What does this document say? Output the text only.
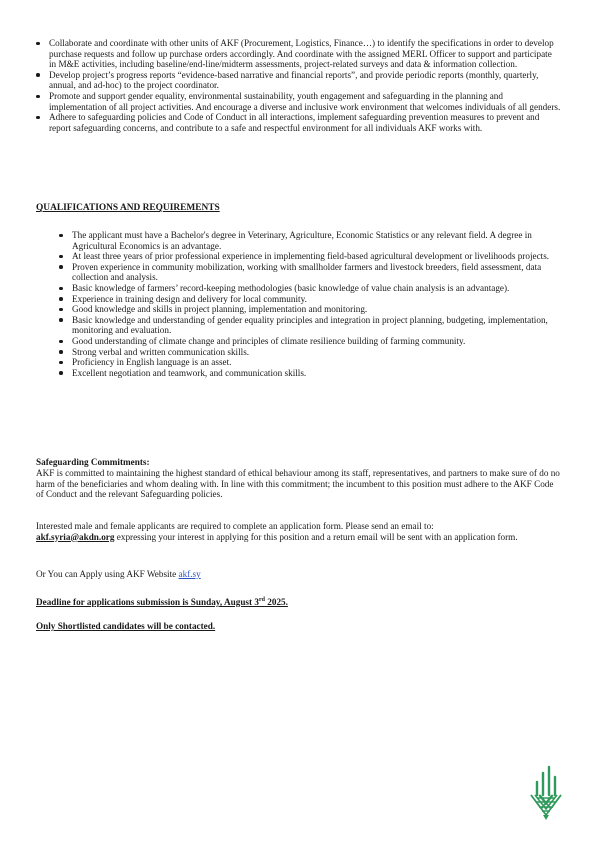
Collaborate and coordinate with other units of AKF (Procurement, Logistics, Finance…) to identify the specifications in order to develop purchase requests and follow up purchase orders accordingly. And coordinate with the assigned MERL Officer to support and participate in M&E activities, including baseline/end-line/midterm assessments, project-related surveys and data & information collection.
Develop project’s progress reports “evidence-based narrative and financial reports”, and provide periodic reports (monthly, quarterly, annual, and ad-hoc) to the project coordinator.
Promote and support gender equality, environmental sustainability, youth engagement and safeguarding in the planning and implementation of all project activities. And encourage a diverse and inclusive work environment that welcomes individuals of all genders.
Adhere to safeguarding policies and Code of Conduct in all interactions, implement safeguarding prevention measures to prevent and report safeguarding concerns, and contribute to a safe and respectful environment for all individuals AKF works with.
QUALIFICATIONS AND REQUIREMENTS
The applicant must have a Bachelor's degree in Veterinary, Agriculture, Economic Statistics or any relevant field. A degree in Agricultural Economics is an advantage.
At least three years of prior professional experience in implementing field-based agricultural development or livelihoods projects.
Proven experience in community mobilization, working with smallholder farmers and livestock breeders, field assessment, data collection and analysis.
Basic knowledge of farmers’ record-keeping methodologies (basic knowledge of value chain analysis is an advantage).
Experience in training design and delivery for local community.
Good knowledge and skills in project planning, implementation and monitoring.
Basic knowledge and understanding of gender equality principles and integration in project planning, budgeting, implementation, monitoring and evaluation.
Good understanding of climate change and principles of climate resilience building of farming community.
Strong verbal and written communication skills.
Proficiency in English language is an asset.
Excellent negotiation and teamwork, and communication skills.
Safeguarding Commitments:
AKF is committed to maintaining the highest standard of ethical behaviour among its staff, representatives, and partners to make sure of do no harm of the beneficiaries and whom dealing with. In line with this commitment; the incumbent to this position must adhere to the AKF Code of Conduct and the relevant Safeguarding policies.
Interested male and female applicants are required to complete an application form. Please send an email to:
akf.syria@akdn.org expressing your interest in applying for this position and a return email will be sent with an application form.
Or You can Apply using AKF Website akf.sy
Deadline for applications submission is Sunday, August 3rd 2025.
Only Shortlisted candidates will be contacted.
